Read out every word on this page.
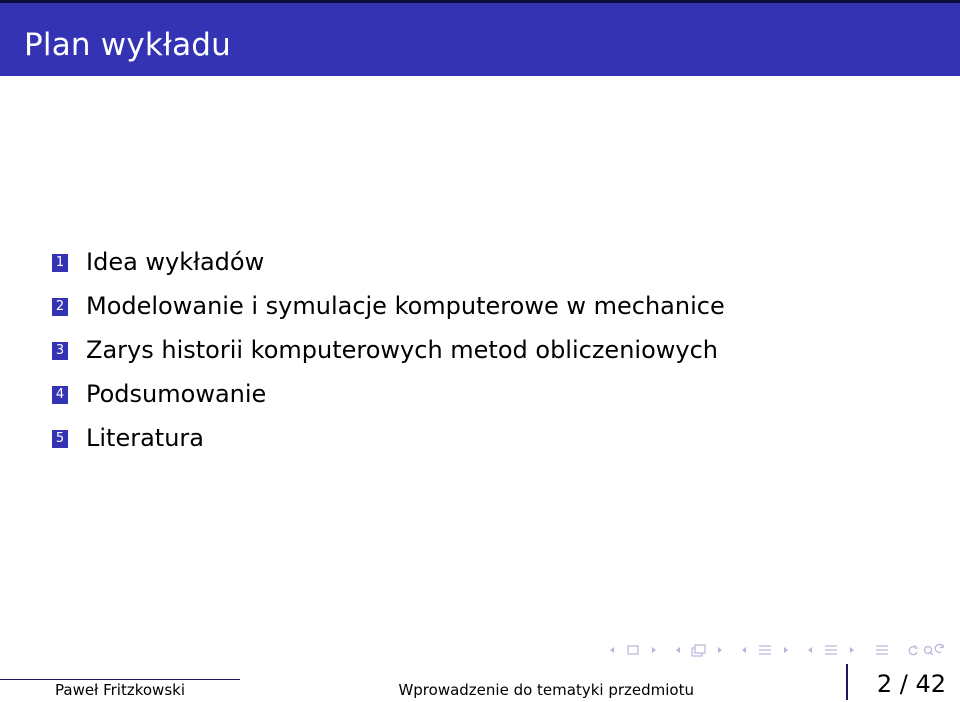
Plan wykładu
1 Idea wykładów
2 Modelowanie i symulacje komputerowe w mechanice
3 Zarys historii komputerowych metod obliczeniowych
4 Podsumowanie
5 Literatura
Paweł Fritzkowski	Wprowadzenie do tematyki przedmiotu	2 / 42
